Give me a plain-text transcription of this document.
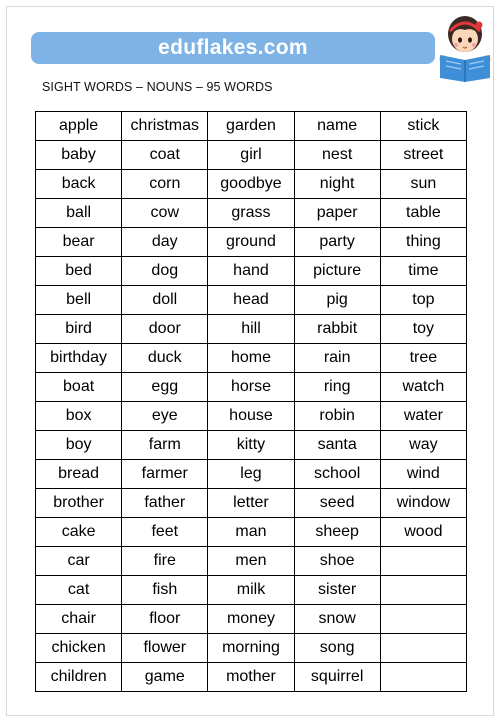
eduflakes.com
SIGHT WORDS – NOUNS – 95 WORDS
apple	christmas	garden	name	stick
baby	coat	girl	nest	street
back	corn	goodbye	night	sun
ball	cow	grass	paper	table
bear	day	ground	party	thing
bed	dog	hand	picture	time
bell	doll	head	pig	top
bird	door	hill	rabbit	toy
birthday	duck	home	rain	tree
boat	egg	horse	ring	watch
box	eye	house	robin	water
boy	farm	kitty	santa	way
bread	farmer	leg	school	wind
brother	father	letter	seed	window
cake	feet	man	sheep	wood
car	fire	men	shoe	
cat	fish	milk	sister	
chair	floor	money	snow	
chicken	flower	morning	song	
children	game	mother	squirrel	
